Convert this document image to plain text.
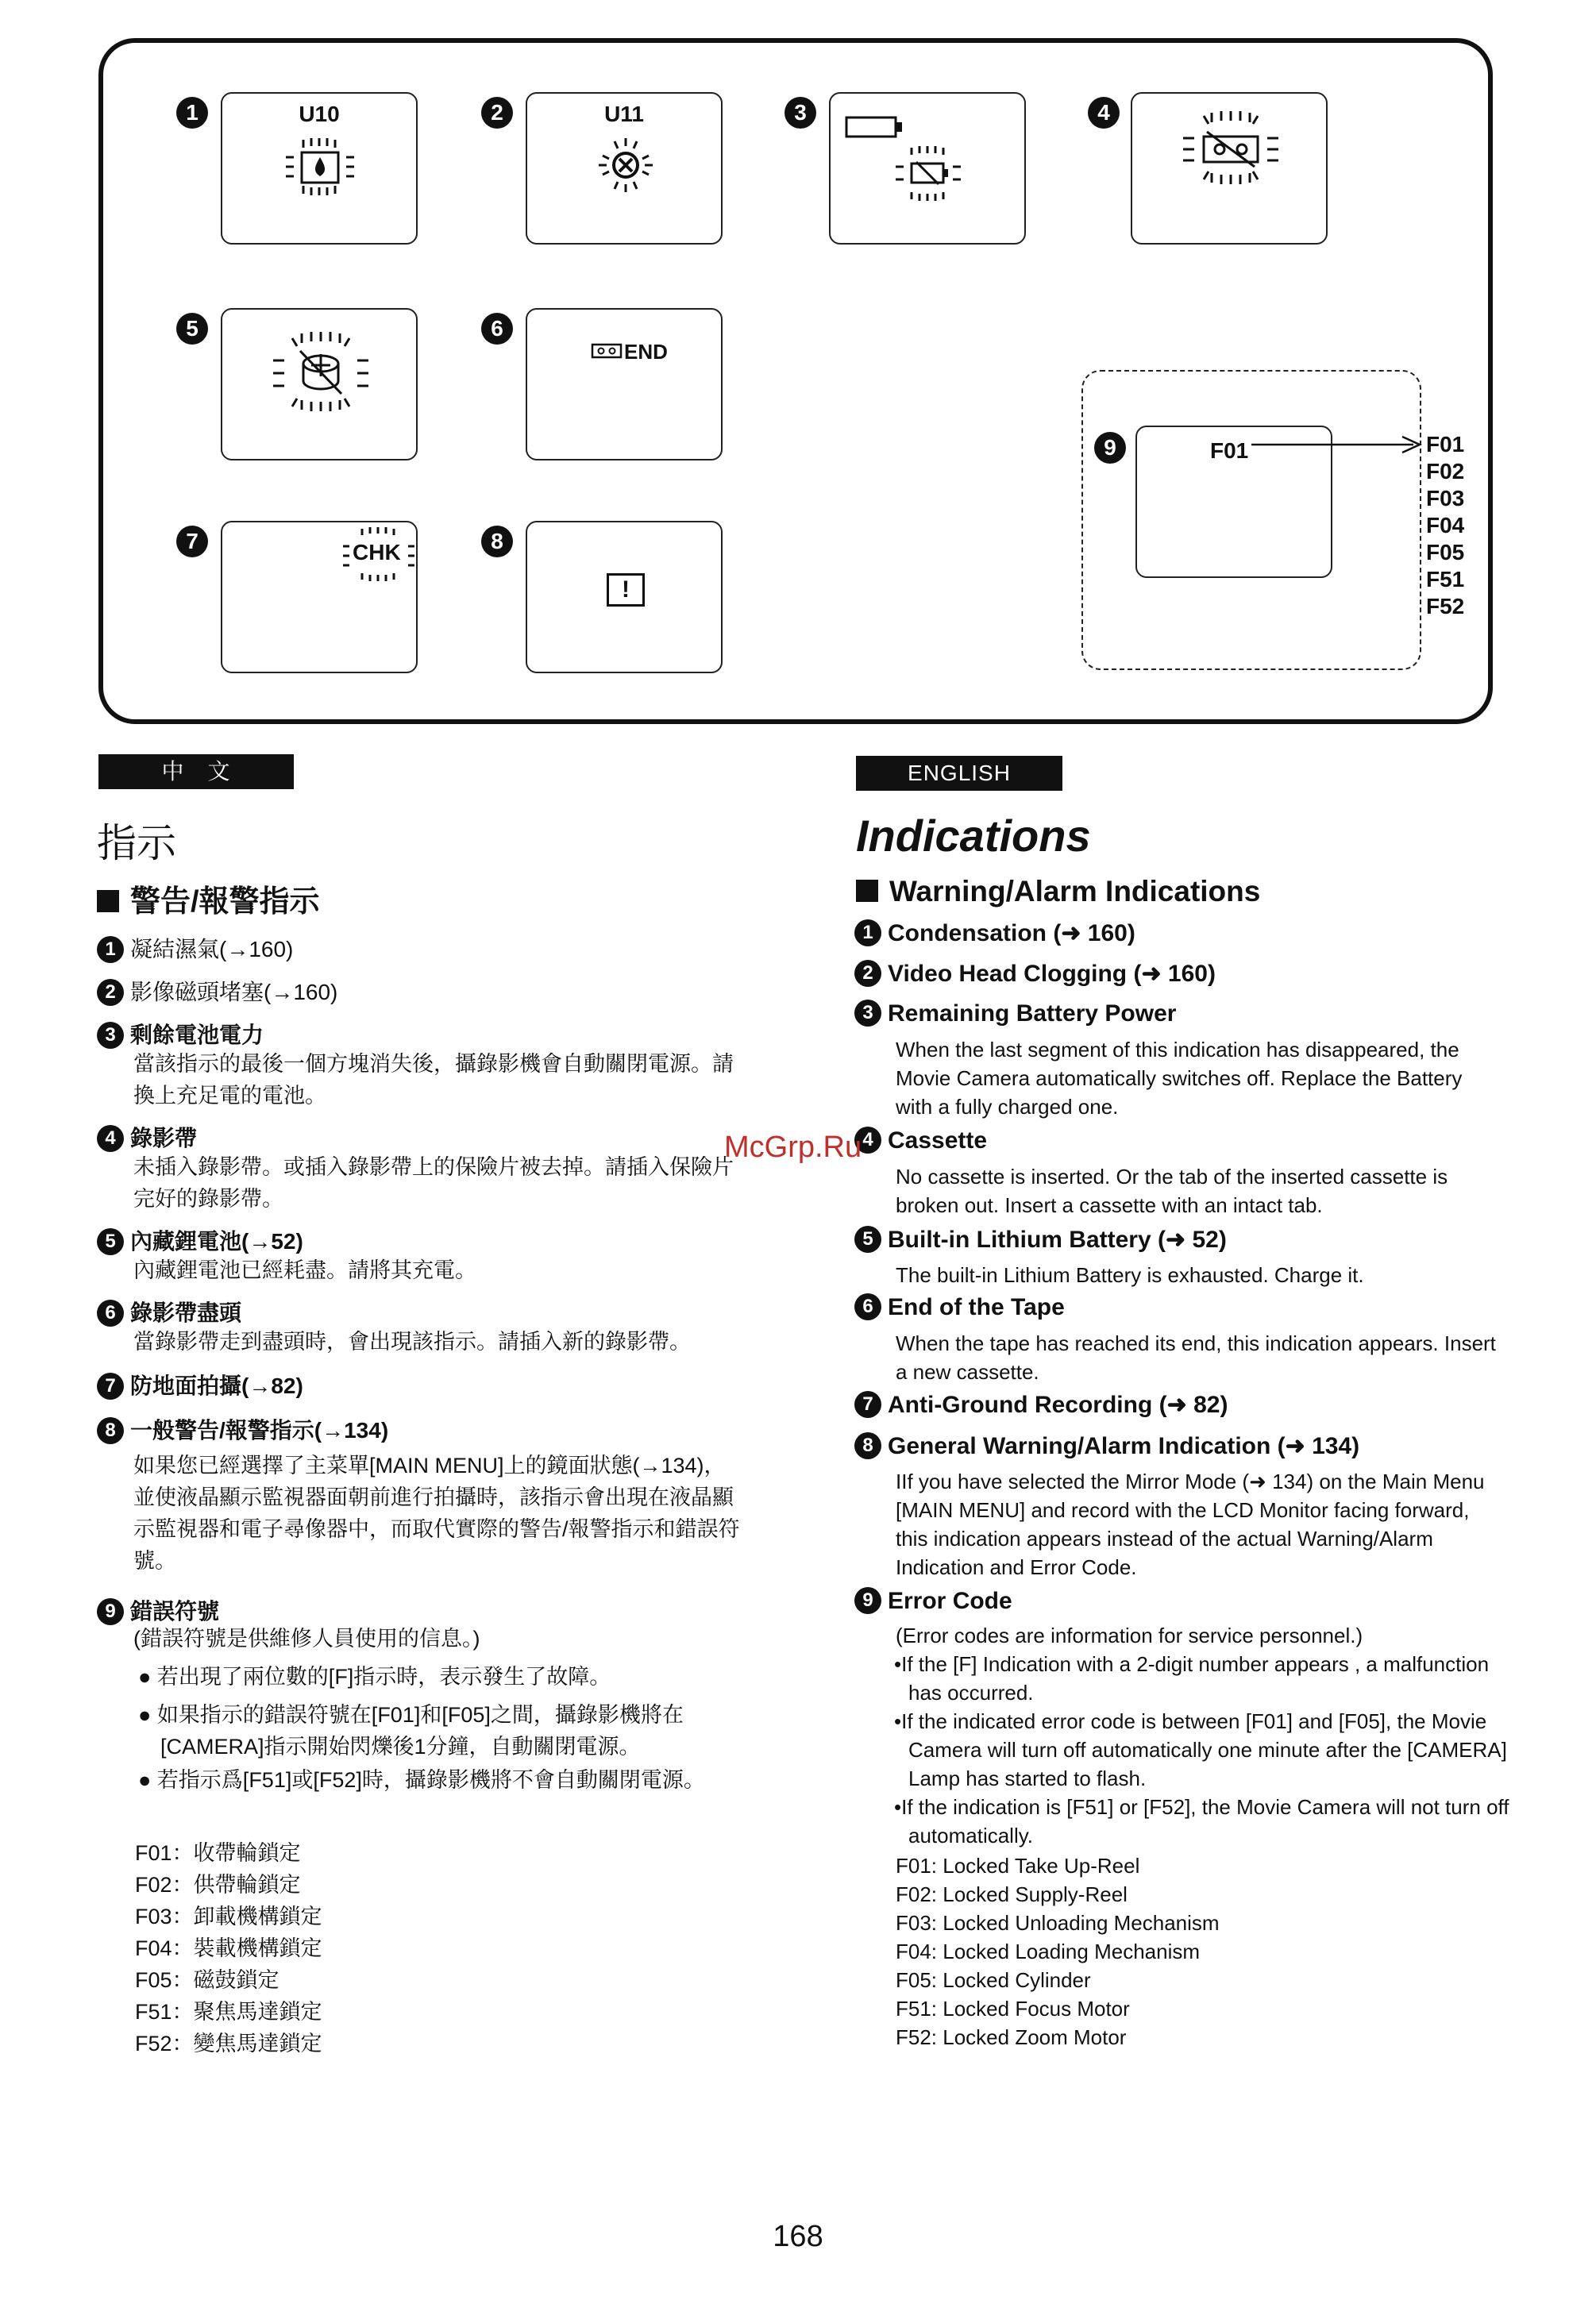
1	U10	2	U11	3	4
5	6
END
7	CHK	8
!
9	F01	F01
F02
F03
F04
F05
F51
F52
中　文
指示
警告/報警指示
1 凝結濕氣(→160)
2 影像磁頭堵塞(→160)
3 剩餘電池電力
當該指示的最後一個方塊消失後，攝錄影機會自動關閉電源。請換上充足電的電池。
4 錄影帶
未插入錄影帶。或插入錄影帶上的保險片被去掉。請插入保險片完好的錄影帶。
5 內藏鋰電池(→52)
內藏鋰電池已經耗盡。請將其充電。
6 錄影帶盡頭
當錄影帶走到盡頭時，會出現該指示。請插入新的錄影帶。
7 防地面拍攝(→82)
8 一般警告/報警指示(→134)
如果您已經選擇了主菜單[MAIN MENU]上的鏡面狀態(→134)，並使液晶顯示監視器面朝前進行拍攝時，該指示會出現在液晶顯示監視器和電子尋像器中，而取代實際的警告/報警指示和錯誤符號。
9 錯誤符號
(錯誤符號是供維修人員使用的信息。)
● 若出現了兩位數的[F]指示時，表示發生了故障。
● 如果指示的錯誤符號在[F01]和[F05]之間，攝錄影機將在[CAMERA]指示開始閃爍後1分鐘，自動關閉電源。
● 若指示爲[F51]或[F52]時，攝錄影機將不會自動關閉電源。
F01：收帶輪鎖定
F02：供帶輪鎖定
F03：卸載機構鎖定
F04：裝載機構鎖定
F05：磁鼓鎖定
F51：聚焦馬達鎖定
F52：變焦馬達鎖定
ENGLISH
Indications
Warning/Alarm Indications
1 Condensation (➜ 160)
2 Video Head Clogging (➜ 160)
3 Remaining Battery Power
When the last segment of this indication has disappeared, the Movie Camera automatically switches off. Replace the Battery with a fully charged one.
4 Cassette
No cassette is inserted. Or the tab of the inserted cassette is broken out. Insert a cassette with an intact tab.
5 Built-in Lithium Battery (➜ 52)
The built-in Lithium Battery is exhausted. Charge it.
6 End of the Tape
When the tape has reached its end, this indication appears. Insert a new cassette.
7 Anti-Ground Recording (➜ 82)
8 General Warning/Alarm Indication (➜ 134)
IIf you have selected the Mirror Mode (➜ 134) on the Main Menu [MAIN MENU] and record with the LCD Monitor facing forward, this indication appears instead of the actual Warning/Alarm Indication and Error Code.
9 Error Code
(Error codes are information for service personnel.)
•If the [F] Indication with a 2-digit number appears , a malfunction has occurred.
•If the indicated error code is between [F01] and [F05], the Movie Camera will turn off automatically one minute after the [CAMERA] Lamp has started to flash.
•If the indication is [F51] or [F52], the Movie Camera will not turn off automatically.
F01: Locked Take Up-Reel
F02: Locked Supply-Reel
F03: Locked Unloading Mechanism
F04: Locked Loading Mechanism
F05: Locked Cylinder
F51: Locked Focus Motor
F52: Locked Zoom Motor
McGrp.Ru
168
